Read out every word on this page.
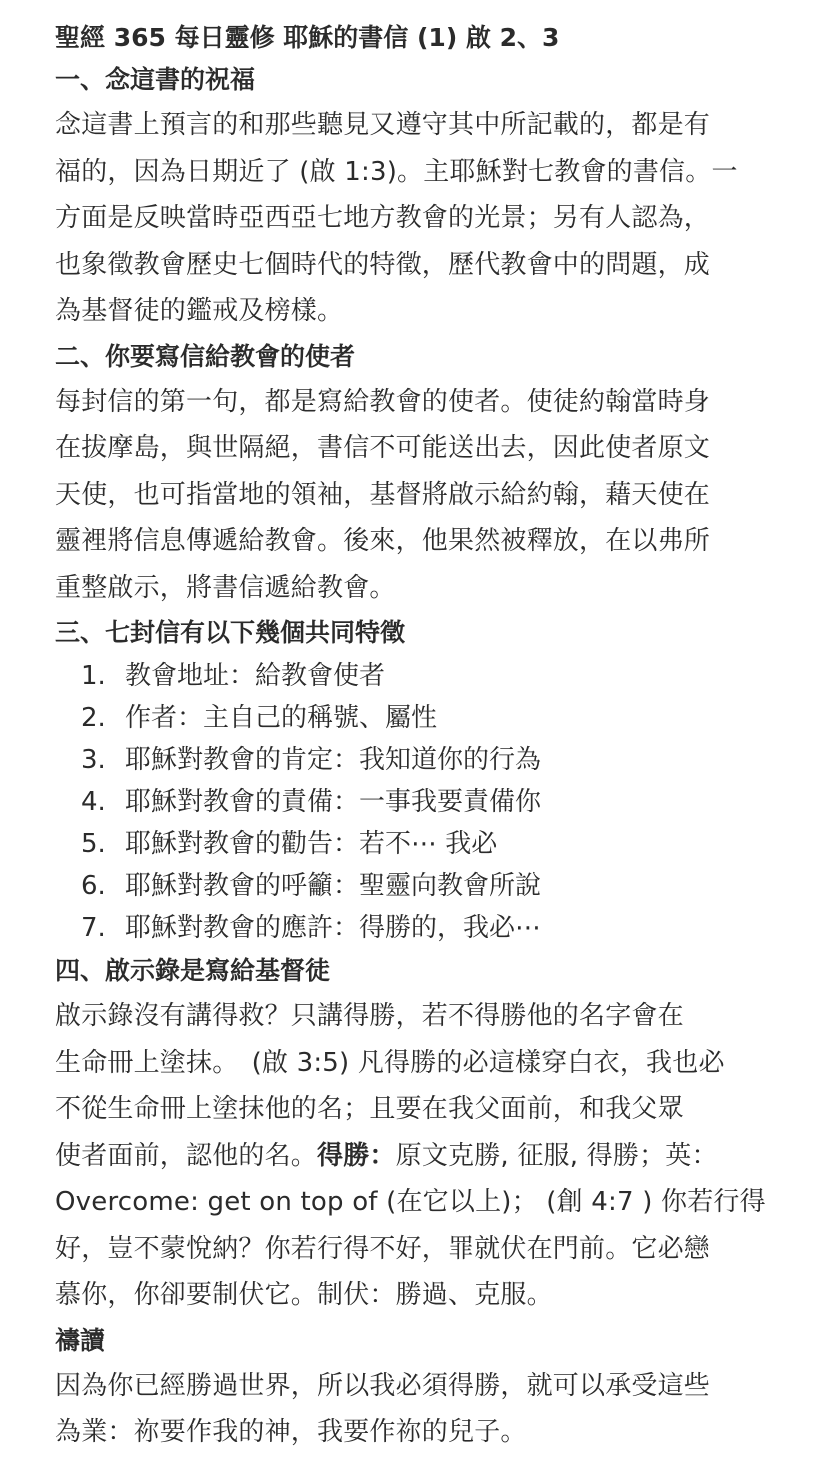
聖經 365 每日靈修 耶穌的書信 (1) 啟 2、3
一、念這書的祝福
念這書上預言的和那些聽見又遵守其中所記載的，都是有
福的，因為日期近了 (啟 1:3)。主耶穌對七教會的書信。一
方面是反映當時亞西亞七地方教會的光景；另有人認為，
也象徵教會歷史七個時代的特徵，歷代教會中的問題，成
為基督徒的鑑戒及榜樣。
二、你要寫信給教會的使者
每封信的第一句，都是寫給教會的使者。使徒約翰當時身
在拔摩島，與世隔絕，書信不可能送出去，因此使者原文
天使，也可指當地的領袖，基督將啟示給約翰，藉天使在
靈裡將信息傳遞給教會。後來，他果然被釋放，在以弗所
重整啟示，將書信遞給教會。
三、七封信有以下幾個共同特徵
1. 教會地址：給教會使者
2. 作者：主自己的稱號、屬性
3. 耶穌對教會的肯定：我知道你的行為
4. 耶穌對教會的責備：一事我要責備你
5. 耶穌對教會的勸告：若不⋯ 我必
6. 耶穌對教會的呼籲：聖靈向教會所說
7. 耶穌對教會的應許：得勝的，我必⋯
四、啟示錄是寫給基督徒
啟示錄沒有講得救？只講得勝，若不得勝他的名字會在
生命冊上塗抹。　(啟 3:5) 凡得勝的必這樣穿白衣，我也必
不從生命冊上塗抹他的名；且要在我父面前，和我父眾
使者面前，認他的名。得勝：原文克勝, 征服, 得勝；英：
Overcome: get on top of (在它以上)； (創 4:7 ) 你若行得
好，豈不蒙悅納？你若行得不好，罪就伏在門前。它必戀
慕你，你卻要制伏它。制伏：勝過、克服。
禱讀
因為你已經勝過世界，所以我必須得勝，就可以承受這些
為業：祢要作我的神，我要作祢的兒子。
